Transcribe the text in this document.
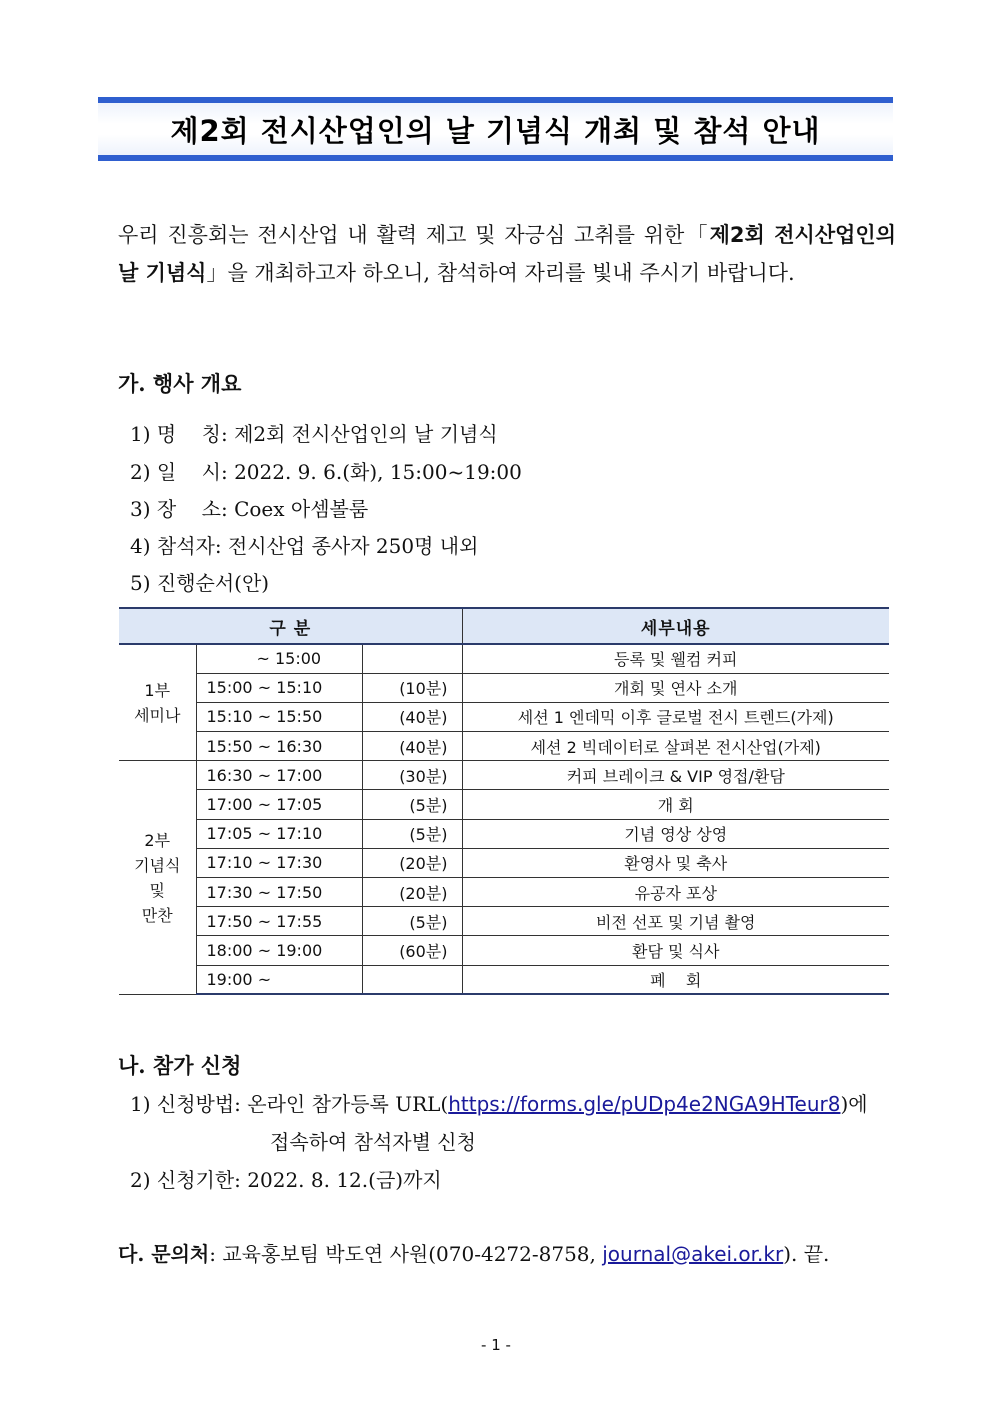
제2회 전시산업인의 날 기념식 개최 및 참석 안내
우리 진흥회는 전시산업 내 활력 제고 및 자긍심 고취를 위한「제2회 전시산업인의 날 기념식」을 개최하고자 하오니, 참석하여 자리를 빛내 주시기 바랍니다.
가. 행사 개요
1) 명    칭: 제2회 전시산업인의 날 기념식
2) 일    시: 2022. 9. 6.(화), 15:00~19:00
3) 장    소: Coex 아셈볼룸
4) 참석자: 전시산업 종사자 250명 내외
5) 진행순서(안)
구 분			세부내용
1부
세미나	~ 15:00		등록 및 웰컴 커피
	15:00 ~ 15:10	(10분)	개회 및 연사 소개
	15:10 ~ 15:50	(40분)	세션 1 엔데믹 이후 글로벌 전시 트렌드(가제)
	15:50 ~ 16:30	(40분)	세션 2 빅데이터로 살펴본 전시산업(가제)
2부
기념식
및
만찬	16:30 ~ 17:00	(30분)	커피 브레이크 & VIP 영접/환담
	17:00 ~ 17:05	(5분)	개 회
	17:05 ~ 17:10	(5분)	기념 영상 상영
	17:10 ~ 17:30	(20분)	환영사 및 축사
	17:30 ~ 17:50	(20분)	유공자 포상
	17:50 ~ 17:55	(5분)	비전 선포 및 기념 촬영
	18:00 ~ 19:00	(60분)	환담 및 식사
	19:00 ~		폐    회
나. 참가 신청
1) 신청방법: 온라인 참가등록 URL(https://forms.gle/pUDp4e2NGA9HTeur8)에
접속하여 참석자별 신청
2) 신청기한: 2022. 8. 12.(금)까지
다. 문의처: 교육홍보팀 박도연 사원(070-4272-8758, journal@akei.or.kr). 끝.
- 1 -
